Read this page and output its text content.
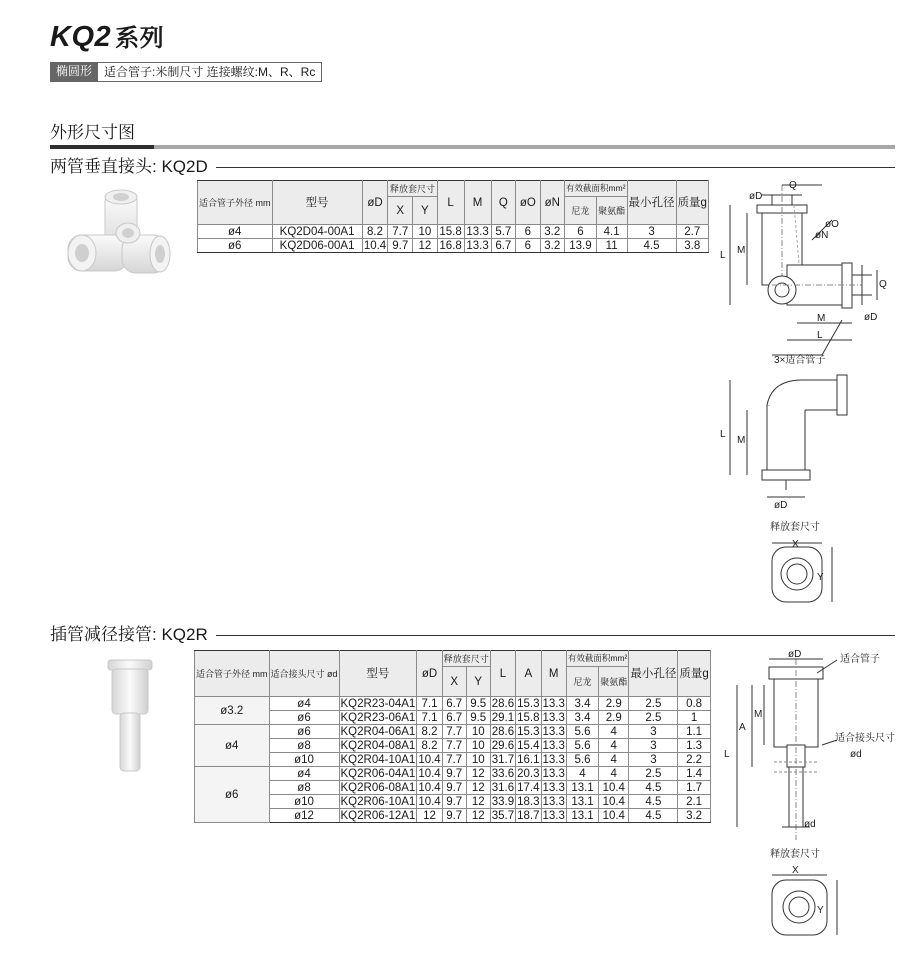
KQ2 系列
椭圆形	适合管子:米制尺寸 连接螺纹:M、R、Rc
外形尺寸图
两管垂直接头: KQ2D
适合管子外径 mm	型号	øD	释放套尺寸		L	M	Q	øO	øN	有效截面积mm²		最小孔径	质量g
			X	Y						尼龙	聚氨酯		
ø4	KQ2D04-00A1	8.2	7.7	10	15.8	13.3	5.7	6	3.2	6	4.1	3	2.7
ø6	KQ2D06-00A1	10.4	9.7	12	16.8	13.3	6.7	6	3.2	13.9	11	4.5	3.8
øD
Q
øN
øO
L M
Q
øD
M
L
3×适合管子
L
M
øD
释放套尺寸
X
Y
插管减径接管: KQ2R
适合管子外径 mm	适合接头尺寸 ød	型号	øD	释放套尺寸		L	A	M	有效截面积mm²		最小孔径	质量g
				X	Y				尼龙	聚氨酯		
ø3.2	ø4	KQ2R23-04A1	7.1	6.7	9.5	28.6	15.3	13.3	3.4	2.9	2.5	0.8
	ø6	KQ2R23-06A1	7.1	6.7	9.5	29.1	15.8	13.3	3.4	2.9	2.5	1
ø4	ø6	KQ2R04-06A1	8.2	7.7	10	28.6	15.3	13.3	5.6	4	3	1.1
	ø8	KQ2R04-08A1	8.2	7.7	10	29.6	15.4	13.3	5.6	4	3	1.3
	ø10	KQ2R04-10A1	10.4	7.7	10	31.7	16.1	13.3	5.6	4	3	2.2
ø6	ø4	KQ2R06-04A1	10.4	9.7	12	33.6	20.3	13.3	4	4	2.5	1.4
	ø8	KQ2R06-08A1	10.4	9.7	12	31.6	17.4	13.3	13.1	10.4	4.5	1.7
	ø10	KQ2R06-10A1	10.4	9.7	12	33.9	18.3	13.3	13.1	10.4	4.5	2.1
	ø12	KQ2R06-12A1	12	9.7	12	35.7	18.7	13.3	13.1	10.4	4.5	3.2
øD	适合管子
A
M
L
适合接头尺寸
ød
ød
释放套尺寸
X
Y
